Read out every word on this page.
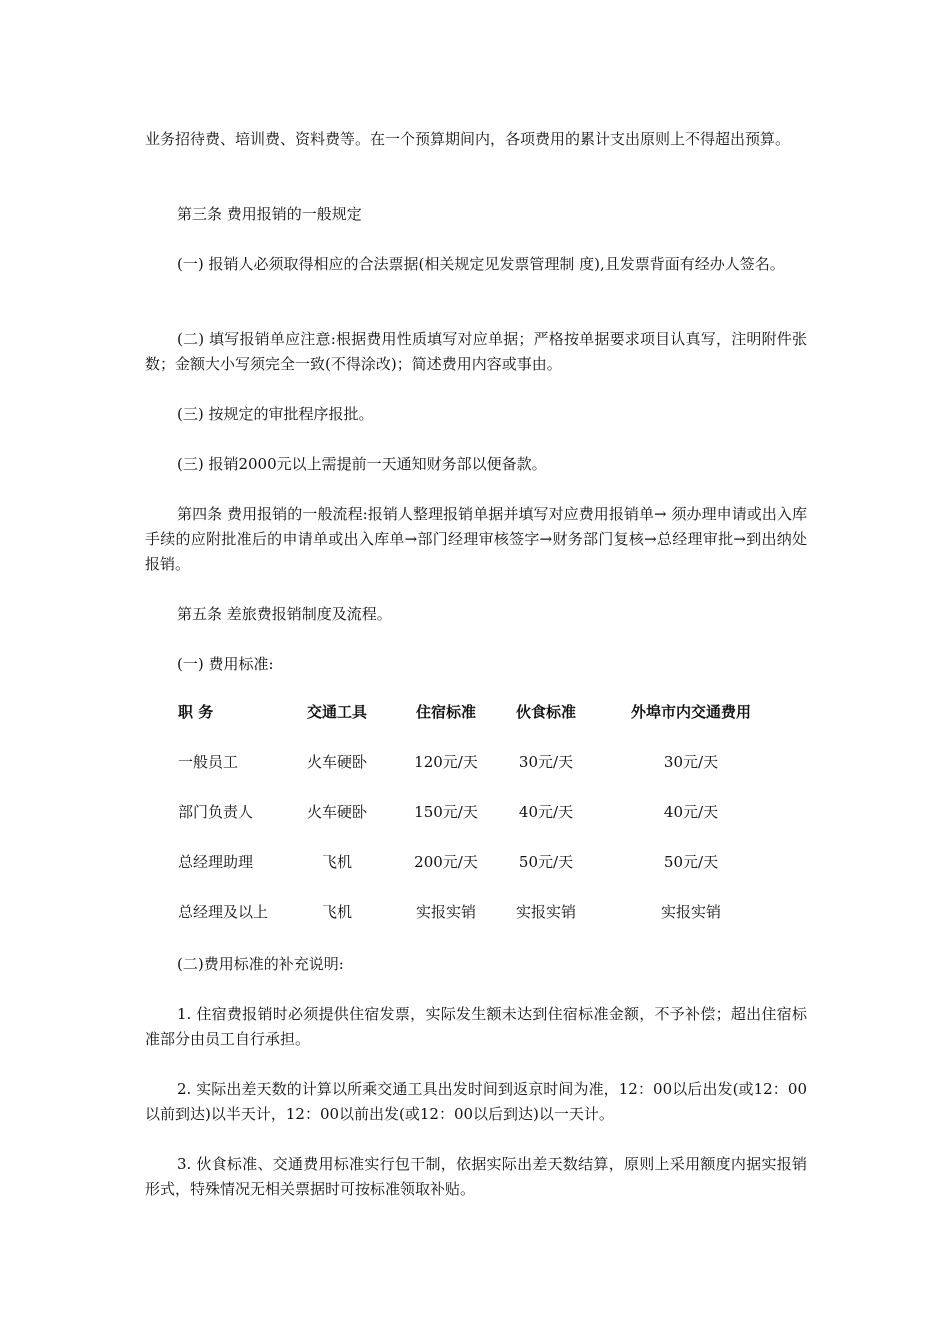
业务招待费、培训费、资料费等。在一个预算期间内，各项费用的累计支出原则上不得超出预算。

第三条 费用报销的一般规定

(一) 报销人必须取得相应的合法票据(相关规定见发票管理制 度),且发票背面有经办人签名。

(二) 填写报销单应注意:根据费用性质填写对应单据；严格按单据要求项目认真写，注明附件张数；金额大小写须完全一致(不得涂改)；简述费用内容或事由。

(三) 按规定的审批程序报批。

(三) 报销2000元以上需提前一天通知财务部以便备款。

第四条 费用报销的一般流程:报销人整理报销单据并填写对应费用报销单→ 须办理申请或出入库手续的应附批准后的申请单或出入库单→部门经理审核签字→财务部门复核→总经理审批→到出纳处报销。

第五条 差旅费报销制度及流程。

(一) 费用标准:

职 务	交通工具	住宿标准	伙食标准	外埠市内交通费用
一般员工	火车硬卧	120元/天	30元/天	30元/天
部门负责人	火车硬卧	150元/天	40元/天	40元/天
总经理助理	飞机	200元/天	50元/天	50元/天
总经理及以上	飞机	实报实销	实报实销	实报实销

(二)费用标准的补充说明:

1. 住宿费报销时必须提供住宿发票，实际发生额未达到住宿标准金额，不予补偿；超出住宿标准部分由员工自行承担。

2. 实际出差天数的计算以所乘交通工具出发时间到返京时间为准，12：00以后出发(或12：00以前到达)以半天计，12：00以前出发(或12：00以后到达)以一天计。

3. 伙食标准、交通费用标准实行包干制，依据实际出差天数结算，原则上采用额度内据实报销形式，特殊情况无相关票据时可按标准领取补贴。
